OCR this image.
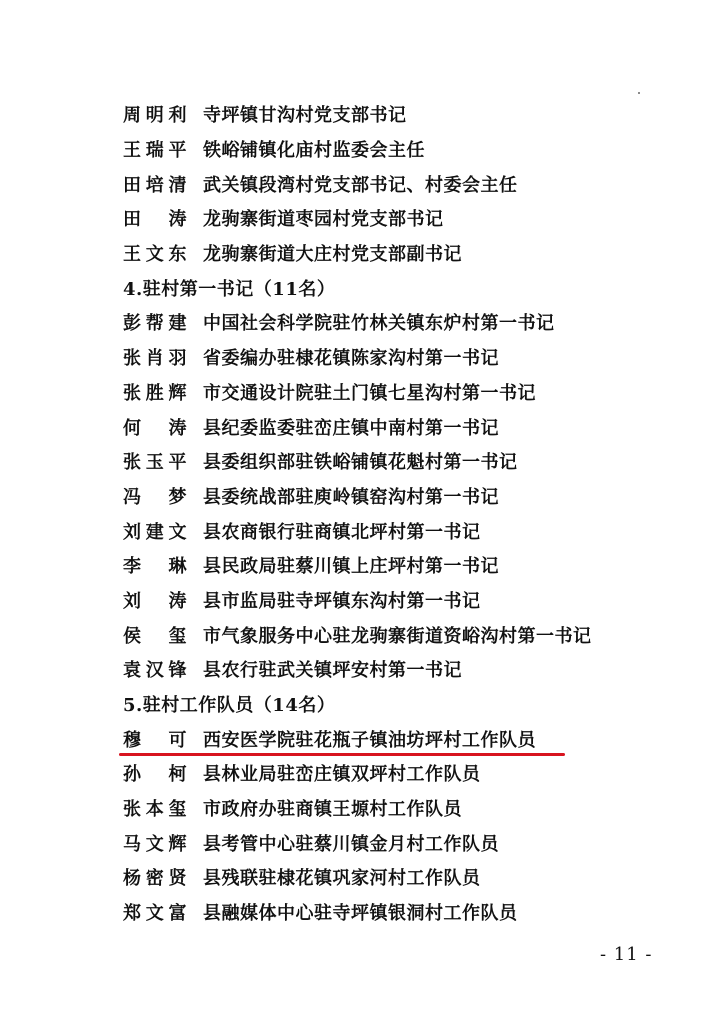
周明利 寺坪镇甘沟村党支部书记
王瑞平 铁峪铺镇化庙村监委会主任
田培清 武关镇段湾村党支部书记、村委会主任
田　涛 龙驹寨街道枣园村党支部书记
王文东 龙驹寨街道大庄村党支部副书记
4.驻村第一书记（11名）
彭帮建 中国社会科学院驻竹林关镇东炉村第一书记
张肖羽 省委编办驻棣花镇陈家沟村第一书记
张胜辉 市交通设计院驻土门镇七星沟村第一书记
何　涛 县纪委监委驻峦庄镇中南村第一书记
张玉平 县委组织部驻铁峪铺镇花魁村第一书记
冯　梦 县委统战部驻庾岭镇窑沟村第一书记
刘建文 县农商银行驻商镇北坪村第一书记
李　琳 县民政局驻蔡川镇上庄坪村第一书记
刘　涛 县市监局驻寺坪镇东沟村第一书记
侯　玺 市气象服务中心驻龙驹寨街道资峪沟村第一书记
袁汉锋 县农行驻武关镇坪安村第一书记
5.驻村工作队员（14名）
穆　可 西安医学院驻花瓶子镇油坊坪村工作队员
孙　柯 县林业局驻峦庄镇双坪村工作队员
张本玺 市政府办驻商镇王塬村工作队员
马文辉 县考管中心驻蔡川镇金月村工作队员
杨密贤 县残联驻棣花镇巩家河村工作队员
郑文富 县融媒体中心驻寺坪镇银洞村工作队员
- 11 -
